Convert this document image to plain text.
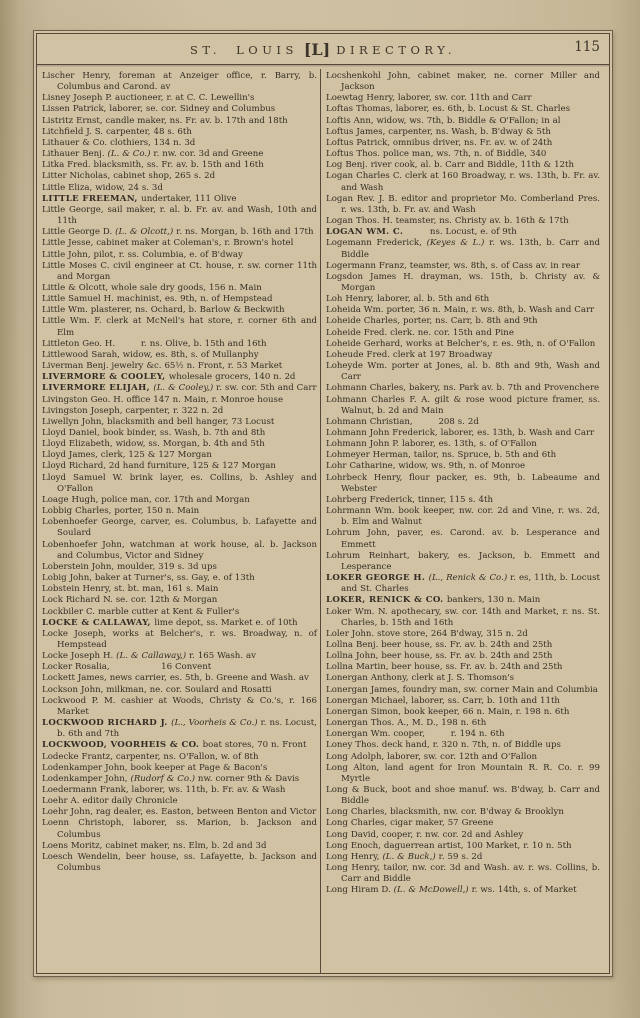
ST. LOUIS [L] DIRECTORY.	115
Lischer Henry, foreman at Anzeiger office, r. Barry, b. Columbus and Carond. av
Lisney Joseph P. auctioneer, r. at C. C. Lewellin's
Lissen Patrick, laborer, se. cor. Sidney and Columbus
Listritz Ernst, candle maker, ns. Fr. av. b. 17th and 18th
Litchfield J. S. carpenter, 48 s. 6th
Lithauer & Co. clothiers, 134 n. 3d
Lithauer Benj. (L. & Co.) r. nw. cor. 3d and Greene
Litka Fred. blacksmith, ss. Fr. av. b. 15th and 16th
Litter Nicholas, cabinet shop, 265 s. 2d
Little Eliza, widow, 24 s. 3d
LITTLE FREEMAN, undertaker, 111 Olive
Little George, sail maker, r. al. b. Fr. av. and Wash, 10th and 11th
Little George D. (L. & Olcott,) r. ns. Morgan, b. 16th and 17th
Little Jesse, cabinet maker at Coleman's, r. Brown's hotel
Little John, pilot, r. ss. Columbia, e. of B'dway
Little Moses C. civil engineer at Ct. house, r. sw. corner 11th and Morgan
Little & Olcott, whole sale dry goods, 156 n. Main
Little Samuel H. machinist, es. 9th, n. of Hempstead
Little Wm. plasterer, ns. Ochard, b. Barlow & Beckwith
Little Wm. F. clerk at McNeil's hat store, r. corner 6th and Elm
Littleton Geo. H.   r. ns. Olive, b. 15th and 16th
Littlewood Sarah, widow, es. 8th, s. of Mullanphy
Liverman Benj. jewelry &c. 65½ n. Front, r. 53 Market
LIVERMORE & COOLEY, wholesale grocers, 140 n. 2d
LIVERMORE ELIJAH, (L. & Cooley,) r. sw. cor. 5th and Carr
Livingston Geo. H. office 147 n. Main, r. Monroe house
Livingston Joseph, carpenter, r. 322 n. 2d
Liwellyn John, blacksmith and bell hanger, 73 Locust
Lloyd Daniel, book binder, ss. Wash, b. 7th and 8th
Lloyd Elizabeth, widow, ss. Morgan, b. 4th and 5th
Lloyd James, clerk, 125 & 127 Morgan
Lloyd Richard, 2d hand furniture, 125 & 127 Morgan
Lloyd Samuel W. brink layer, es. Collins, b. Ashley and O'Fallon
Loage Hugh, police man, cor. 17th and Morgan
Lobbig Charles, porter, 150 n. Main
Lobenhoefer George, carver, es. Columbus, b. Lafayette and Soulard
Lobenhoefer John, watchman at work house, al. b. Jackson and Columbus, Victor and Sidney
Loberstein John, moulder, 319 s. 3d ups
Lobig John, baker at Turner's, ss. Gay, e. of 13th
Lobstein Henry, st. bt. man, 161 s. Main
Lock Richard N. se. cor. 12th & Morgan
Lockbiler C. marble cutter at Kent & Fuller's
LOCKE & CALLAWAY, lime depot, ss. Market e. of 10th
Locke Joseph, works at Belcher's, r. ws. Broadway, n. of Hempstead
Locke Joseph H. (L. & Callaway,) r. 165 Wash. av
Locker Rosalia,      16 Convent
Lockett James, news carrier, es. 5th, b. Greene and Wash. av
Lockson John, milkman, ne. cor. Soulard and Rosatti
Lockwood P. M. cashier at Woods, Christy & Co.'s, r. 166 Market
LOCKWOOD RICHARD J. (L., Voorheis & Co.) r. ns. Locust, b. 6th and 7th
LOCKWOOD, VOORHEIS & CO. boat stores, 70 n. Front
Lodecke Frantz, carpenter, ns. O'Fallon, w. of 8th
Lodenkamper John, book keeper at Page & Bacon's
Lodenkamper John, (Rudorf & Co.) nw. corner 9th & Davis
Loedermann Frank, laborer, ws. 11th, b. Fr. av. & Wash
Loehr A. editor daily Chronicle
Loehr John, rag dealer, es. Easton, between Benton and Victor
Loenn Christoph, laborer, ss. Marion, b. Jackson and Columbus
Loens Moritz, cabinet maker, ns. Elm, b. 2d and 3d
Loesch Wendelin, beer house, ss. Lafayette, b. Jackson and Columbus
Locshenkohl John, cabinet maker, ne. corner Miller and Jackson
Loewtag Henry, laborer, sw. cor. 11th and Carr
Loftas Thomas, laborer, es. 6th, b. Locust & St. Charles
Loftis Ann, widow, ws. 7th, b. Biddle & O'Fallon; in al
Loftus James, carpenter, ns. Wash, b. B'dway & 5th
Loftus Patrick, omnibus driver, ns. Fr. av. w. of 24th
Loftus Thos. police man, ws. 7th, n. of Biddle, 340
Log Benj. river cook, al. b. Carr and Biddle, 11th & 12th
Logan Charles C. clerk at 160 Broadway, r. ws. 13th, b. Fr. av. and Wash
Logan Rev. J. B. editor and proprietor Mo. Comberland Pres. r. ws. 13th, b. Fr. av. and Wash
Logan Thos. H. teamster, ns. Christy av. b. 16th & 17th
LOGAN WM. C.   ns. Locust, e. of 9th
Logemann Frederick, (Keyes & L.) r. ws. 13th, b. Carr and Biddle
Logermann Franz, teamster, ws. 8th, s. of Cass av. in rear
Logsdon James H. drayman, ws. 15th, b. Christy av. & Morgan
Loh Henry, laborer, al. b. 5th and 6th
Loheida Wm. porter, 36 n. Main, r. ws. 8th, b. Wash and Carr
Loheide Charles, porter, ns. Carr, b. 8th and 9th
Loheide Fred. clerk. ne. cor. 15th and Pine
Loheide Gerhard, works at Belcher's, r. es. 9th, n. of O'Fallon
Loheude Fred. clerk at 197 Broadway
Loheyde Wm. porter at Jones, al. b. 8th and 9th, Wash and Carr
Lohmann Charles, bakery, ns. Park av. b. 7th and Provenchere
Lohmann Charles F. A. gilt & rose wood picture framer, ss. Walnut, b. 2d and Main
Lohmann Christian,   208 s. 2d
Lohmann John Frederick, laborer, es. 13th, b. Wash and Carr
Lohmann John P. laborer, es. 13th, s. of O'Fallon
Lohmeyer Herman, tailor, ns. Spruce, b. 5th and 6th
Lohr Catharine, widow, ws. 9th, n. of Monroe
Lohrbeck Henry, flour packer, es. 9th, b. Labeaume and Webster
Lohrberg Frederick, tinner, 115 s. 4th
Lohrmann Wm. book keeper, nw. cor. 2d and Vine, r. ws. 2d, b. Elm and Walnut
Lohrum John, paver, es. Carond. av. b. Lesperance and Emmett
Lohrum Reinhart, bakery, es. Jackson, b. Emmett and Lesperance
LOKER GEORGE H. (L., Renick & Co.) r. es, 11th, b. Locust and St. Charles
LOKER, RENICK & CO. bankers, 130 n. Main
Loker Wm. N. apothecary, sw. cor. 14th and Market, r. ns. St. Charles, b. 15th and 16th
Loler John. stove store, 264 B'dway, 315 n. 2d
Lollna Benj. beer house, ss. Fr. av. b. 24th and 25th
Lollna John, beer house, ss. Fr. av. b. 24th and 25th
Lollna Martin, beer house, ss. Fr. av. b. 24th and 25th
Lonergan Anthony, clerk at J. S. Thomson's
Lonergan James, foundry man, sw. corner Main and Columbia
Lonergan Michael, laborer, ss. Carr, b. 10th and 11th
Lonergan Simon, book keeper, 66 n. Main, r. 198 n. 6th
Lonergan Thos. A., M. D., 198 n. 6th
Lonergan Wm. cooper,   r. 194 n. 6th
Loney Thos. deck hand, r. 320 n. 7th, n. of Biddle ups
Long Adolph, laborer, sw. cor. 12th and O'Fallon
Long Alton, land agent for Iron Mountain R. R. Co. r. 99 Myrtle
Long & Buck, boot and shoe manuf. ws. B'dway, b. Carr and Biddle
Long Charles, blacksmith, nw. cor. B'dway & Brooklyn
Long Charles, cigar maker, 57 Greene
Long David, cooper, r. nw. cor. 2d and Ashley
Long Enoch, daguerrean artist, 100 Market, r. 10 n. 5th
Long Henry, (L. & Buck,) r. 59 s. 2d
Long Henry, tailor, nw. cor. 3d and Wash. av. r. ws. Collins, b. Carr and Biddle
Long Hiram D. (L. & McDowell,) r. ws. 14th, s. of Market
